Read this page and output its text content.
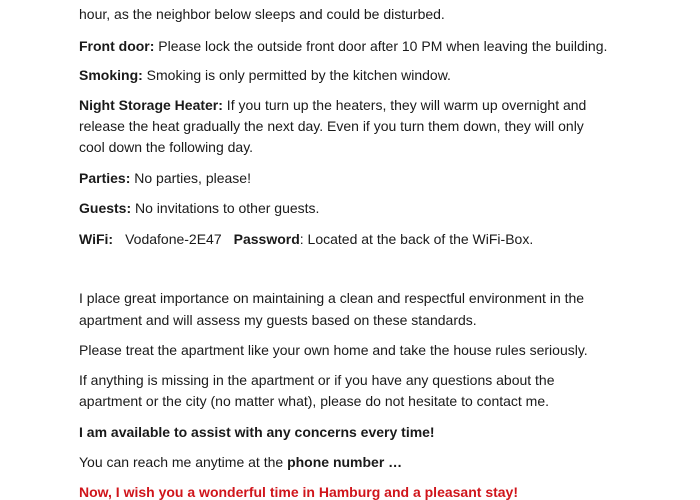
hour, as the neighbor below sleeps and could be disturbed.
Front door: Please lock the outside front door after 10 PM when leaving the building.
Smoking: Smoking is only permitted by the kitchen window.
Night Storage Heater: If you turn up the heaters, they will warm up overnight and
release the heat gradually the next day. Even if you turn them down, they will only
cool down the following day.
Parties: No parties, please!
Guests: No invitations to other guests.
WiFi: Vodafone-2E47 Password: Located at the back of the WiFi-Box.
I place great importance on maintaining a clean and respectful environment in the
apartment and will assess my guests based on these standards.
Please treat the apartment like your own home and take the house rules seriously.
If anything is missing in the apartment or if you have any questions about the
apartment or the city (no matter what), please do not hesitate to contact me.
I am available to assist with any concerns every time!
You can reach me anytime at the phone number …
Now, I wish you a wonderful time in Hamburg and a pleasant stay!
